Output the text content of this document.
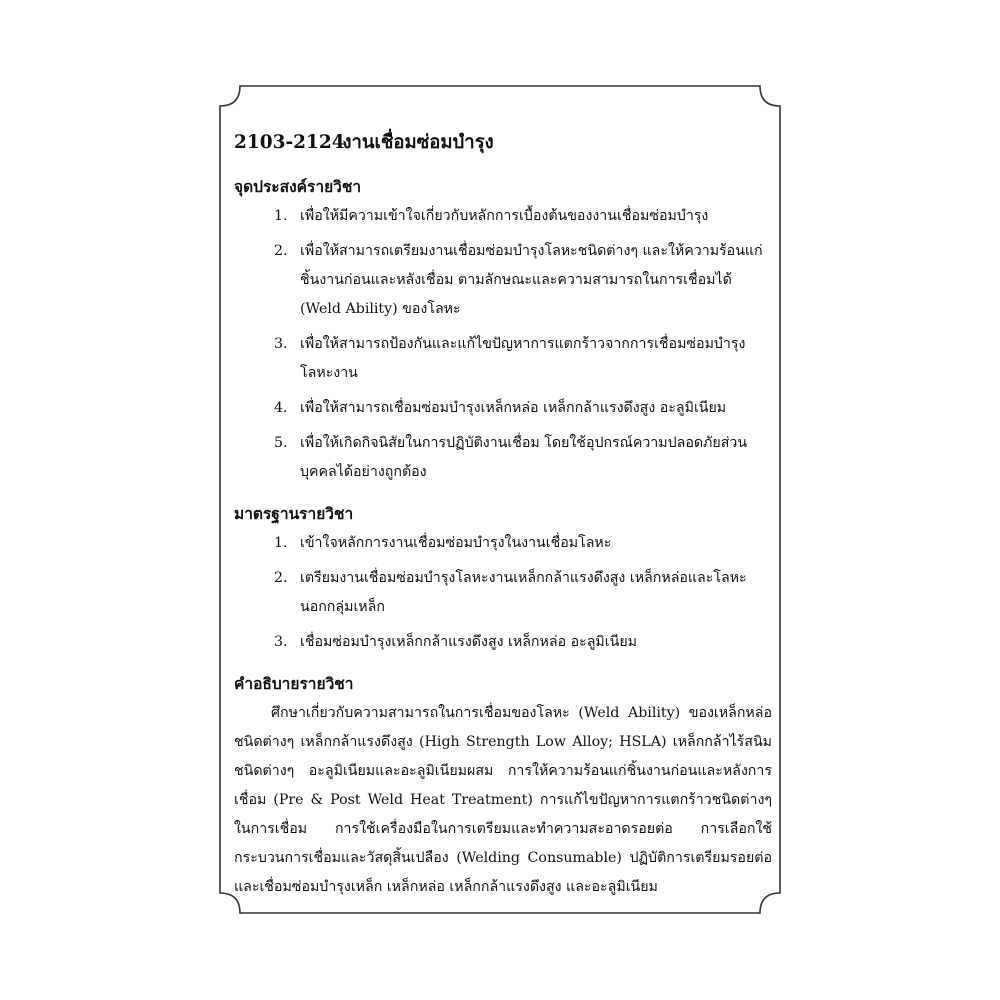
2103-2124 งานเชื่อมซ่อมบำรุง
จุดประสงค์รายวิชา
1. เพื่อให้มีความเข้าใจเกี่ยวกับหลักการเบื้องต้นของงานเชื่อมซ่อมบำรุง
2. เพื่อให้สามารถเตรียมงานเชื่อมซ่อมบำรุงโลหะชนิดต่างๆ และให้ความร้อนแก่ชิ้นงานก่อนและหลังเชื่อม ตามลักษณะและความสามารถในการเชื่อมได้ (Weld Ability) ของโลหะ
3. เพื่อให้สามารถป้องกันและแก้ไขปัญหาการแตกร้าวจากการเชื่อมซ่อมบำรุงโลหะงาน
4. เพื่อให้สามารถเชื่อมซ่อมบำรุงเหล็กหล่อ เหล็กกล้าแรงดึงสูง อะลูมิเนียม
5. เพื่อให้เกิดกิจนิสัยในการปฏิบัติงานเชื่อม โดยใช้อุปกรณ์ความปลอดภัยส่วนบุคคลได้อย่างถูกต้อง
มาตรฐานรายวิชา
1. เข้าใจหลักการงานเชื่อมซ่อมบำรุงในงานเชื่อมโลหะ
2. เตรียมงานเชื่อมซ่อมบำรุงโลหะงานเหล็กกล้าแรงดึงสูง เหล็กหล่อและโลหะนอกกลุ่มเหล็ก
3. เชื่อมซ่อมบำรุงเหล็กกล้าแรงดึงสูง เหล็กหล่อ อะลูมิเนียม
คำอธิบายรายวิชา

ศึกษาเกี่ยวกับความสามารถในการเชื่อมของโลหะ (Weld Ability) ของเหล็กหล่อชนิดต่างๆ เหล็กกล้าแรงดึงสูง (High Strength Low Alloy; HSLA) เหล็กกล้าไร้สนิมชนิดต่างๆ อะลูมิเนียมและอะลูมิเนียมผสม การให้ความร้อนแก่ชิ้นงานก่อนและหลังการเชื่อม (Pre & Post Weld Heat Treatment) การแก้ไขปัญหาการแตกร้าวชนิดต่างๆ ในการเชื่อม การใช้เครื่องมือในการเตรียมและทำความสะอาดรอยต่อ การเลือกใช้กระบวนการเชื่อมและวัสดุสิ้นเปลือง (Welding Consumable) ปฏิบัติการเตรียมรอยต่อและเชื่อมซ่อมบำรุงเหล็ก เหล็กหล่อ เหล็กกล้าแรงดึงสูง และอะลูมิเนียม
